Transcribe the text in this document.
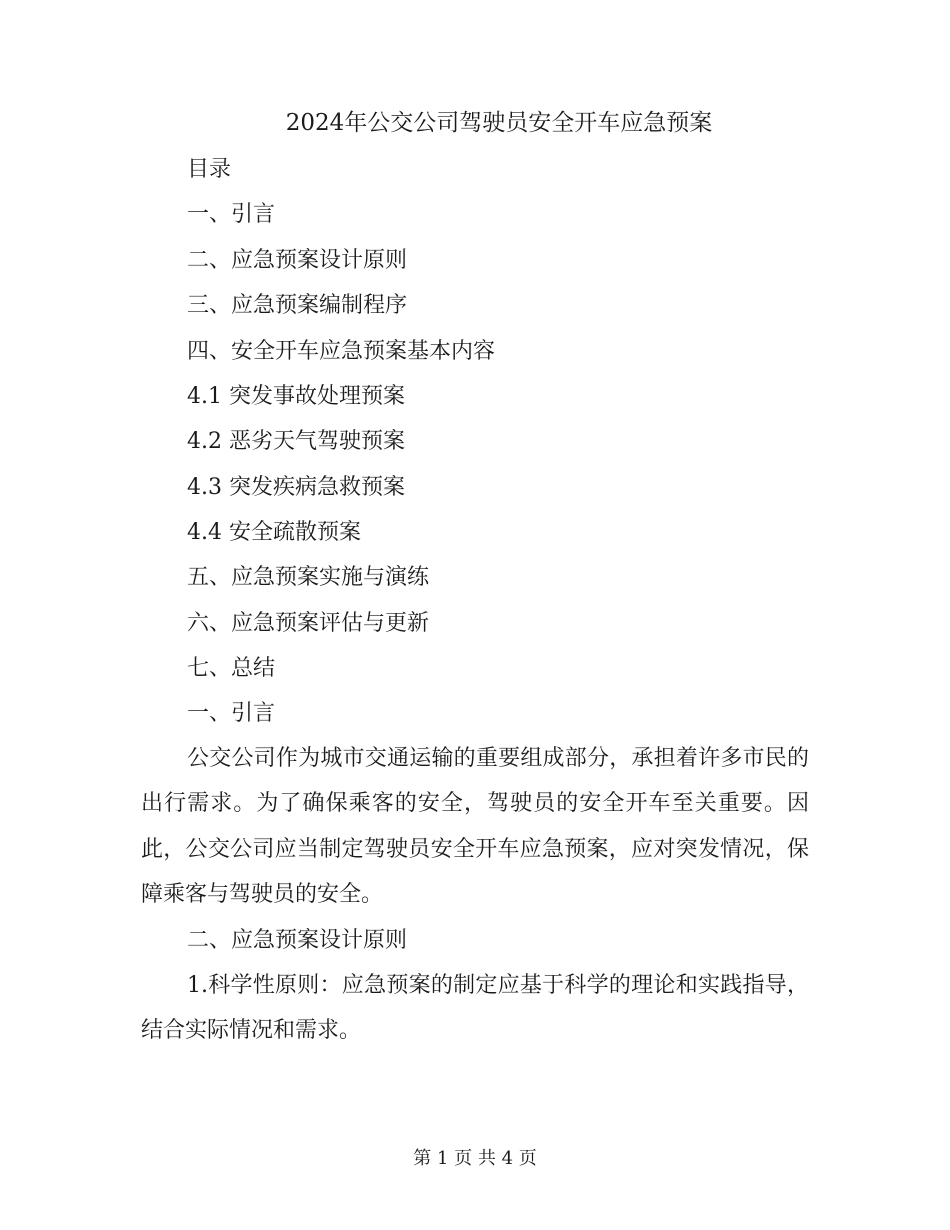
2024年公交公司驾驶员安全开车应急预案
目录
一、引言
二、应急预案设计原则
三、应急预案编制程序
四、安全开车应急预案基本内容
4.1 突发事故处理预案
4.2 恶劣天气驾驶预案
4.3 突发疾病急救预案
4.4 安全疏散预案
五、应急预案实施与演练
六、应急预案评估与更新
七、总结
一、引言

公交公司作为城市交通运输的重要组成部分，承担着许多市民的出行需求。为了确保乘客的安全，驾驶员的安全开车至关重要。因此，公交公司应当制定驾驶员安全开车应急预案，应对突发情况，保障乘客与驾驶员的安全。

二、应急预案设计原则

1.科学性原则：应急预案的制定应基于科学的理论和实践指导，结合实际情况和需求。

第 1 页 共 4 页
